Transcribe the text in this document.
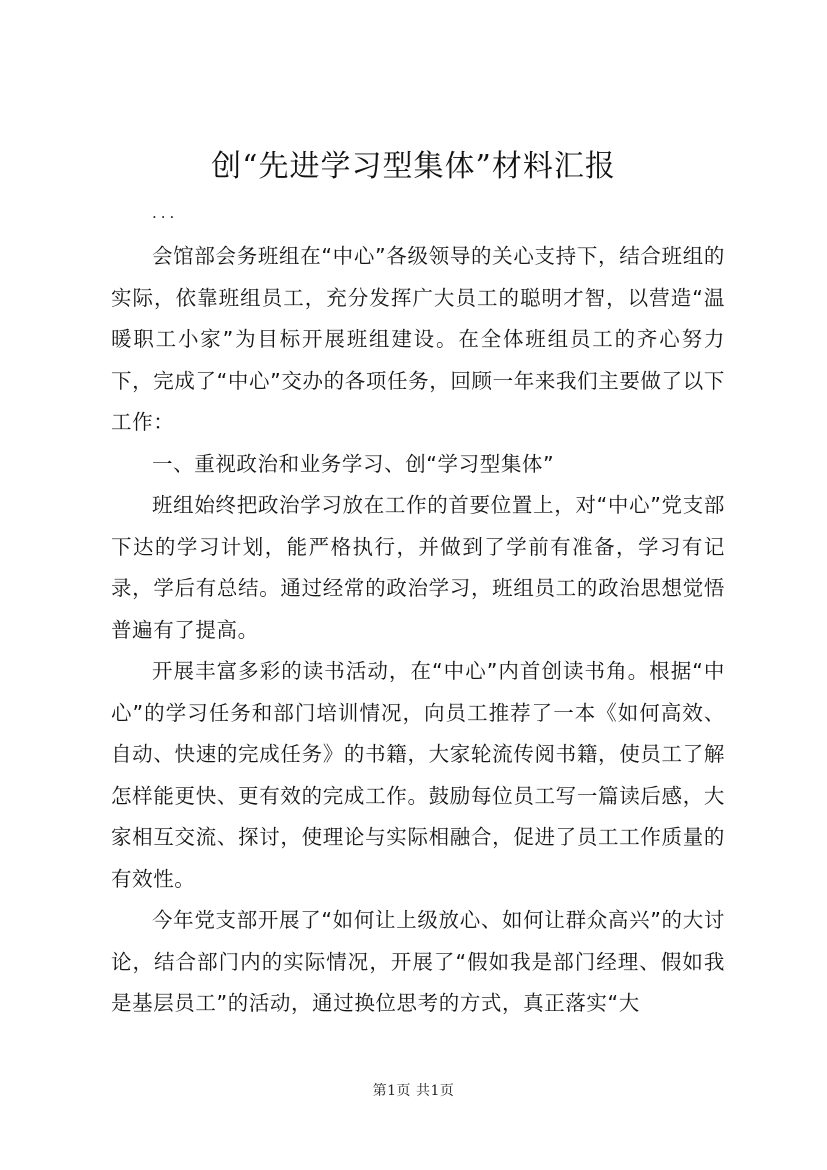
创“先进学习型集体”材料汇报
...

会馆部会务班组在“中心”各级领导的关心支持下，结合班组的实际，依靠班组员工，充分发挥广大员工的聪明才智，以营造“温暖职工小家”为目标开展班组建设。在全体班组员工的齐心努力下，完成了“中心”交办的各项任务，回顾一年来我们主要做了以下工作：

一、重视政治和业务学习、创“学习型集体”

班组始终把政治学习放在工作的首要位置上，对“中心”党支部下达的学习计划，能严格执行，并做到了学前有准备，学习有记录，学后有总结。通过经常的政治学习，班组员工的政治思想觉悟普遍有了提高。

开展丰富多彩的读书活动，在“中心”内首创读书角。根据“中心”的学习任务和部门培训情况，向员工推荐了一本《如何高效、自动、快速的完成任务》的书籍，大家轮流传阅书籍，使员工了解怎样能更快、更有效的完成工作。鼓励每位员工写一篇读后感，大家相互交流、探讨，使理论与实际相融合，促进了员工工作质量的有效性。

今年党支部开展了“如何让上级放心、如何让群众高兴”的大讨论，结合部门内的实际情况，开展了“假如我是部门经理、假如我是基层员工”的活动，通过换位思考的方式，真正落实“大

第1页 共1页
